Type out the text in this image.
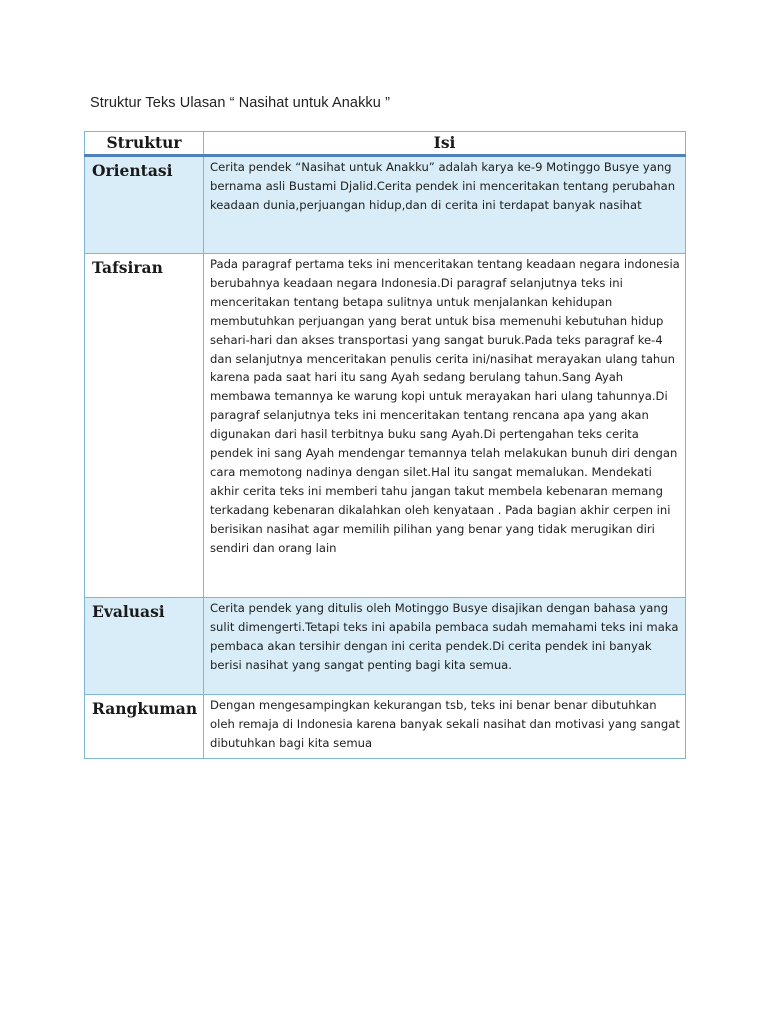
Struktur Teks Ulasan “ Nasihat untuk Anakku ”
Struktur	Isi
Orientasi	Cerita pendek “Nasihat untuk Anakku” adalah karya ke-9 Motinggo Busye yang bernama asli Bustami Djalid.Cerita pendek ini menceritakan tentang perubahan keadaan dunia,perjuangan hidup,dan di cerita ini terdapat banyak nasihat

Tafsiran	Pada paragraf pertama teks ini menceritakan tentang keadaan negara indonesia berubahnya keadaan negara Indonesia.Di paragraf selanjutnya teks ini menceritakan tentang betapa sulitnya untuk menjalankan kehidupan membutuhkan perjuangan yang berat untuk bisa memenuhi kebutuhan hidup sehari-hari dan akses transportasi yang sangat buruk.Pada teks paragraf ke-4 dan selanjutnya menceritakan penulis cerita ini/nasihat merayakan ulang tahun karena pada saat hari itu sang Ayah sedang berulang tahun.Sang Ayah membawa temannya ke warung kopi untuk merayakan hari ulang tahunnya.Di paragraf selanjutnya teks ini menceritakan tentang rencana apa yang akan digunakan dari hasil terbitnya buku sang Ayah.Di pertengahan teks cerita pendek ini sang Ayah mendengar temannya telah melakukan bunuh diri dengan cara memotong nadinya dengan silet.Hal itu sangat memalukan. Mendekati akhir cerita teks ini memberi tahu jangan takut membela kebenaran memang terkadang kebenaran dikalahkan oleh kenyataan . Pada bagian akhir cerpen ini berisikan nasihat agar memilih pilihan yang benar yang tidak merugikan diri sendiri dan orang lain

Evaluasi	Cerita pendek yang ditulis oleh Motinggo Busye disajikan dengan bahasa yang sulit dimengerti.Tetapi teks ini apabila pembaca sudah memahami teks ini maka pembaca akan tersihir dengan ini cerita pendek.Di cerita pendek ini banyak berisi nasihat yang sangat penting bagi kita semua.

Rangkuman	Dengan mengesampingkan kekurangan tsb, teks ini benar benar dibutuhkan oleh remaja di Indonesia karena banyak sekali nasihat dan motivasi yang sangat dibutuhkan bagi kita semua
